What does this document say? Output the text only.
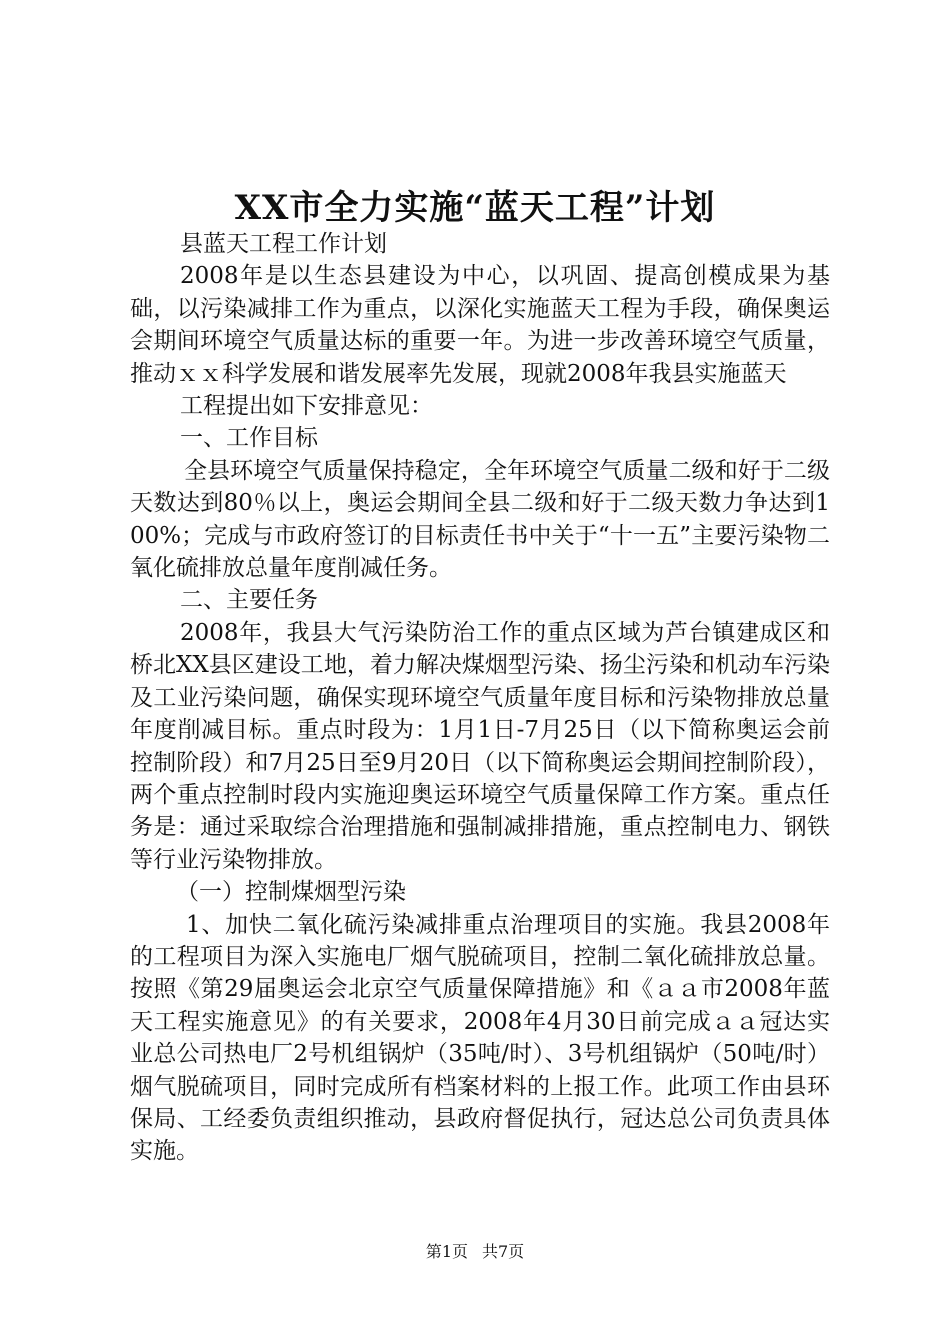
XX市全力实施“蓝天工程”计划

县蓝天工程工作计划

2008年是以生态县建设为中心，以巩固、提高创模成果为基础，以污染减排工作为重点，以深化实施蓝天工程为手段，确保奥运会期间环境空气质量达标的重要一年。为进一步改善环境空气质量，推动ｘｘ科学发展和谐发展率先发展，现就2008年我县实施蓝天

工程提出如下安排意见：

一、工作目标

全县环境空气质量保持稳定，全年环境空气质量二级和好于二级天数达到80％以上，奥运会期间全县二级和好于二级天数力争达到100%；完成与市政府签订的目标责任书中关于“十一五”主要污染物二氧化硫排放总量年度削减任务。

二、主要任务

2008年，我县大气污染防治工作的重点区域为芦台镇建成区和桥北XX县区建设工地，着力解决煤烟型污染、扬尘污染和机动车污染及工业污染问题，确保实现环境空气质量年度目标和污染物排放总量年度削减目标。重点时段为：1月1日-7月25日（以下简称奥运会前控制阶段）和7月25日至9月20日（以下简称奥运会期间控制阶段），两个重点控制时段内实施迎奥运环境空气质量保障工作方案。重点任务是：通过采取综合治理措施和强制减排措施，重点控制电力、钢铁等行业污染物排放。

（一）控制煤烟型污染

1、加快二氧化硫污染减排重点治理项目的实施。我县2008年的工程项目为深入实施电厂烟气脱硫项目，控制二氧化硫排放总量。按照《第29届奥运会北京空气质量保障措施》和《ａａ市2008年蓝天工程实施意见》的有关要求，2008年4月30日前完成ａａ冠达实业总公司热电厂2号机组锅炉（35吨/时）、3号机组锅炉（50吨/时）烟气脱硫项目，同时完成所有档案材料的上报工作。此项工作由县环保局、工经委负责组织推动，县政府督促执行，冠达总公司负责具体实施。

第1页 共7页
